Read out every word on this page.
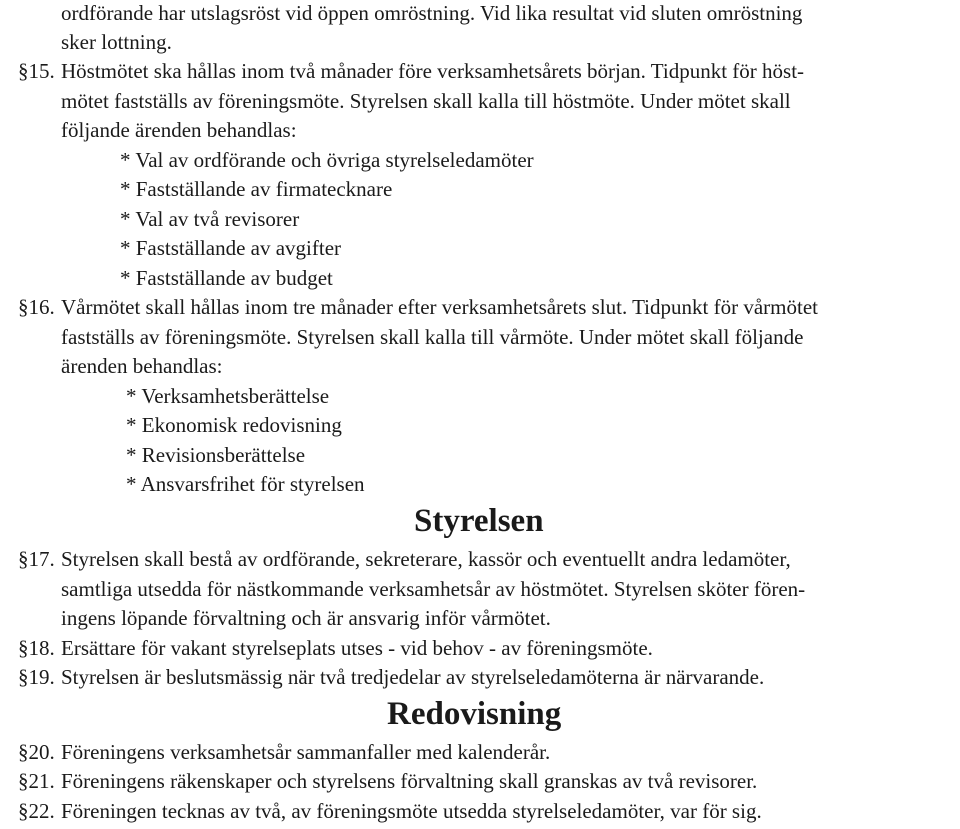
ordförande har utslagsröst vid öppen omröstning. Vid lika resultat vid sluten omröstning
sker lottning.
§15. Höstmötet ska hållas inom två månader före verksamhetsårets början. Tidpunkt för höst-
mötet fastställs av föreningsmöte. Styrelsen skall kalla till höstmöte. Under mötet skall
följande ärenden behandlas:
* Val av ordförande och övriga styrelseledamöter
* Fastställande av firmatecknare
* Val av två revisorer
* Fastställande av avgifter
* Fastställande av budget
§16. Vårmötet skall hållas inom tre månader efter verksamhetsårets slut. Tidpunkt för vårmötet
fastställs av föreningsmöte. Styrelsen skall kalla till vårmöte. Under mötet skall följande
ärenden behandlas:
* Verksamhetsberättelse
* Ekonomisk redovisning
* Revisionsberättelse
* Ansvarsfrihet för styrelsen
Styrelsen
§17. Styrelsen skall bestå av ordförande, sekreterare, kassör och eventuellt andra ledamöter,
samtliga utsedda för nästkommande verksamhetsår av höstmötet. Styrelsen sköter fören-
ingens löpande förvaltning och är ansvarig inför vårmötet.
§18. Ersättare för vakant styrelseplats utses - vid behov - av föreningsmöte.
§19. Styrelsen är beslutsmässig när två tredjedelar av styrelseledamöterna är närvarande.
Redovisning
§20. Föreningens verksamhetsår sammanfaller med kalenderår.
§21. Föreningens räkenskaper och styrelsens förvaltning skall granskas av två revisorer.
§22. Föreningen tecknas av två, av föreningsmöte utsedda styrelseledamöter, var för sig.
